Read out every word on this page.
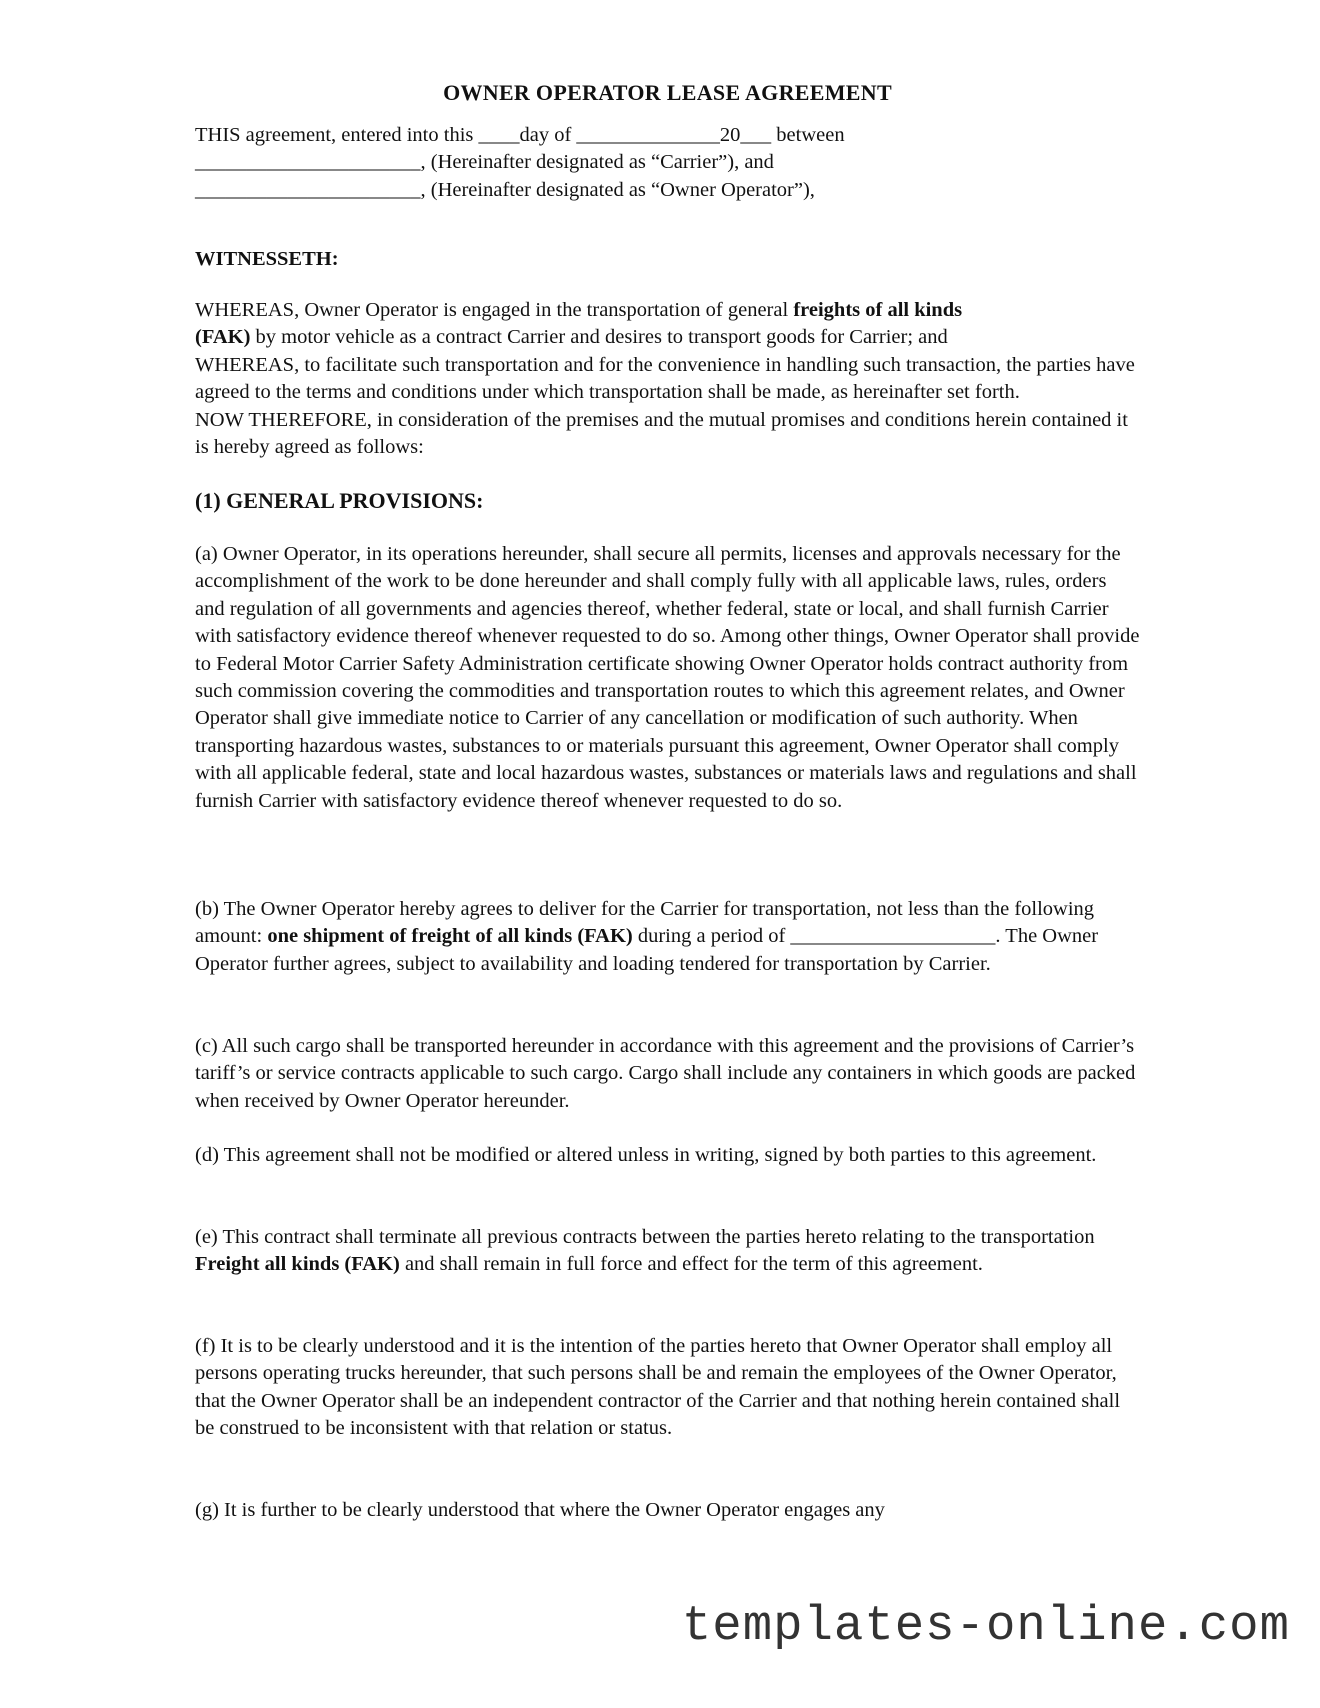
OWNER OPERATOR LEASE AGREEMENT

THIS agreement, entered into this ____day of ______________20___ between

______________________, (Hereinafter designated as “Carrier”), and

______________________, (Hereinafter designated as “Owner Operator”),

WITNESSETH:

WHEREAS, Owner Operator is engaged in the transportation of general freights of all kinds
(FAK) by motor vehicle as a contract Carrier and desires to transport goods for Carrier; and

WHEREAS, to facilitate such transportation and for the convenience in handling such transaction, the parties have agreed to the terms and conditions under which transportation shall be made, as hereinafter set forth.

NOW THEREFORE, in consideration of the premises and the mutual promises and conditions herein contained it is hereby agreed as follows:

(1) GENERAL PROVISIONS:
(a) Owner Operator, in its operations hereunder, shall secure all permits, licenses and approvals necessary for the accomplishment of the work to be done hereunder and shall comply fully with all applicable laws, rules, orders and regulation of all governments and agencies thereof, whether federal, state or local, and shall furnish Carrier with satisfactory evidence thereof whenever requested to do so. Among other things, Owner Operator shall provide to Federal Motor Carrier Safety Administration certificate showing Owner Operator holds contract authority from such commission covering the commodities and transportation routes to which this agreement relates, and Owner Operator shall give immediate notice to Carrier of any cancellation or modification of such authority. When transporting hazardous wastes, substances to or materials pursuant this agreement, Owner Operator shall comply with all applicable federal, state and local hazardous wastes, substances or materials laws and regulations and shall furnish Carrier with satisfactory evidence thereof whenever requested to do so.

(b) The Owner Operator hereby agrees to deliver for the Carrier for transportation, not less than the following amount: one shipment of freight of all kinds (FAK) during a period of ____________________. The Owner Operator further agrees, subject to availability and loading tendered for transportation by Carrier.

(c) All such cargo shall be transported hereunder in accordance with this agreement and the provisions of Carrier’s tariff’s or service contracts applicable to such cargo. Cargo shall include any containers in which goods are packed when received by Owner Operator hereunder.
(d) This agreement shall not be modified or altered unless in writing, signed by both parties to this agreement.

(e) This contract shall terminate all previous contracts between the parties hereto relating to the transportation Freight all kinds (FAK) and shall remain in full force and effect for the term of this agreement.

(f) It is to be clearly understood and it is the intention of the parties hereto that Owner Operator shall employ all persons operating trucks hereunder, that such persons shall be and remain the employees of the Owner Operator, that the Owner Operator shall be an independent contractor of the Carrier and that nothing herein contained shall be construed to be inconsistent with that relation or status.
(g) It is further to be clearly understood that where the Owner Operator engages any
templates-online.com
